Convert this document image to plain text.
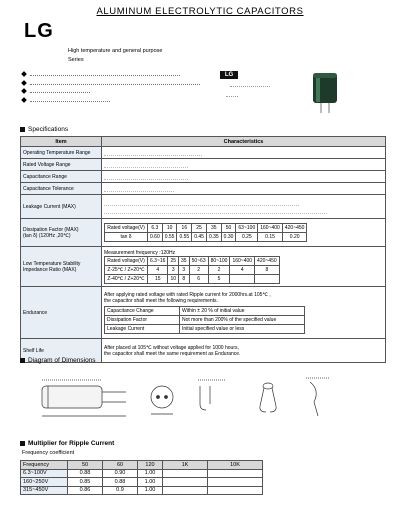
ALUMINUM ELECTROLYTIC CAPACITORS
LG
High temperature and general purpose
Series
LG
Specifications
Item	Characteristics
Operating Temperature Range	

Rated Voltage Range	

Capacitance Range	

Capacitance Tolerance	

Leakage Current (MAX)	

Dissipation Factor (MAX)
(tan δ) (120Hz ,20℃)

Rated voltage(V)	6.3	10	16	25	35	50	63~100	160~400	420~450
tan δ	0.60	0.55	0.55	0.45	0.35	0.30	0.25	0.15	0.20

Low Temperature Stability
Impedance Ratio (MAX)

Measurement frequency :120Hz
Rated voltage(V)	6.3~16	25	35	50~63	80~100	160~400	420~450
Z-25℃ / Z+20℃	4	3	3	2	2	4	8
Z-40℃ / Z+20℃	15	10	8	6	5		

Endurance	
After applying rated voltage with rated Ripple current for 2000hrs.at 105℃ ,
the capacitor shall meet the following requirements.
Capacitance Change	Within ± 20 % of initial value
Dissipation Factor	Not more than 200% of the specified value
Leakage Current	Initial specified value or less

Shelf Life	After placed at 105℃ without voltage applied for 1000 hours,
the capacitor shall meet the same requirement as Endurance.
Diagram of Dimensions
Multiplier for Ripple Current
Frequency coefficient
Frequency	50	60	120	1K	10K
6.3~100V	0.88	0.90	1.00		
160~250V	0.85	0.88	1.00		
315~450V	0.86	0.9	1.00		
